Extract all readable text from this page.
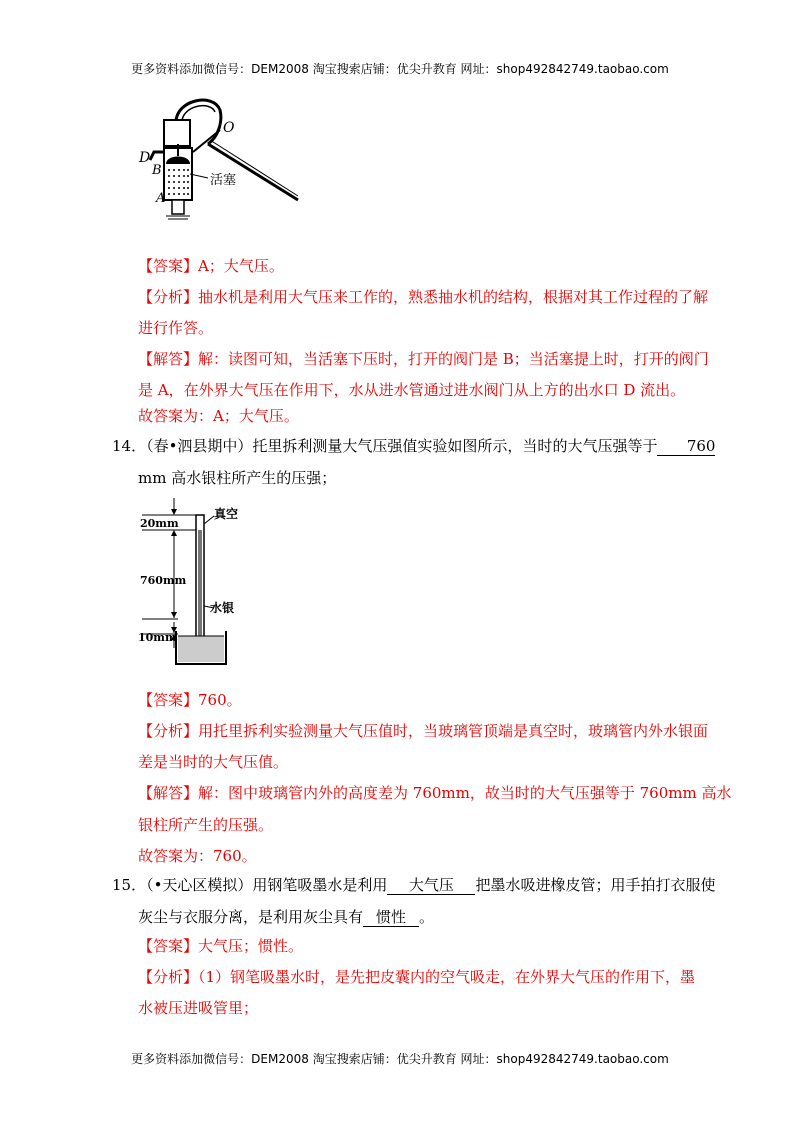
更多资料添加微信号：DEM2008 淘宝搜索店铺：优尖升教育 网址：shop492842749.taobao.com
O
D
B
A
活塞
【答案】A；大气压。
【分析】抽水机是利用大气压来工作的，熟悉抽水机的结构，根据对其工作过程的了解
进行作答。
【解答】解：读图可知，当活塞下压时，打开的阀门是 B；当活塞提上时，打开的阀门
是 A，在外界大气压在作用下，水从进水管通过进水阀门从上方的出水口 D 流出。
故答案为：A；大气压。
14．（春•泗县期中）托里拆利测量大气压强值实验如图所示，当时的大气压强等于 760
mm 高水银柱所产生的压强；
20mm
真空
760mm
水银
10mm
【答案】760。
【分析】用托里拆利实验测量大气压值时，当玻璃管顶端是真空时，玻璃管内外水银面
差是当时的大气压值。
【解答】解：图中玻璃管内外的高度差为 760mm，故当时的大气压强等于 760mm 高水
银柱所产生的压强。
故答案为：760。
15．（•天心区模拟）用钢笔吸墨水是利用 大气压 把墨水吸进橡皮管；用手拍打衣服使
灰尘与衣服分离，是利用灰尘具有 惯性 。
【答案】大气压；惯性。
【分析】（1）钢笔吸墨水时，是先把皮囊内的空气吸走，在外界大气压的作用下，墨
水被压进吸管里；
更多资料添加微信号：DEM2008 淘宝搜索店铺：优尖升教育 网址：shop492842749.taobao.com
